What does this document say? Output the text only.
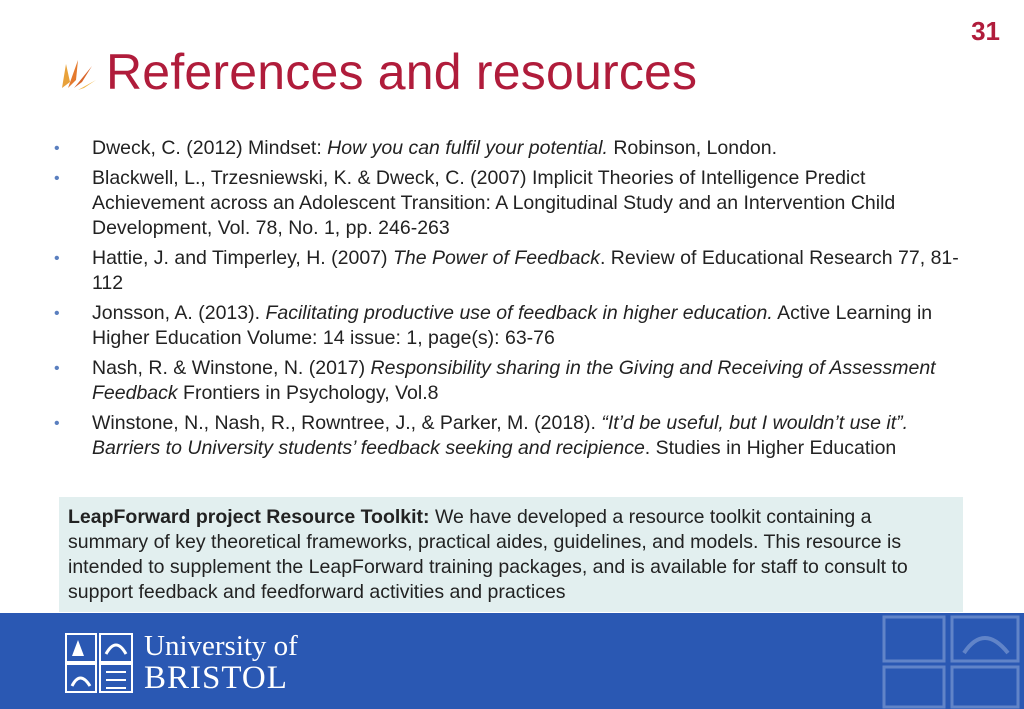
31
References and resources
• Dweck, C. (2012) Mindset: How you can fulfil your potential. Robinson, London.
• Blackwell, L., Trzesniewski, K. & Dweck, C. (2007) Implicit Theories of Intelligence Predict Achievement across an Adolescent Transition: A Longitudinal Study and an Intervention Child Development, Vol. 78, No. 1, pp. 246-263
• Hattie, J. and Timperley, H. (2007) The Power of Feedback. Review of Educational Research 77, 81-112
• Jonsson, A. (2013). Facilitating productive use of feedback in higher education. Active Learning in Higher Education Volume: 14 issue: 1, page(s): 63-76
• Nash, R. & Winstone, N. (2017) Responsibility sharing in the Giving and Receiving of Assessment Feedback Frontiers in Psychology, Vol.8
• Winstone, N., Nash, R., Rowntree, J., & Parker, M. (2018). “It’d be useful, but I wouldn’t use it”. Barriers to University students’ feedback seeking and recipience. Studies in Higher Education
LeapForward project Resource Toolkit: We have developed a resource toolkit containing a summary of key theoretical frameworks, practical aides, guidelines, and models. This resource is intended to supplement the LeapForward training packages, and is available for staff to consult to support feedback and feedforward activities and practices
University of
BRISTOL
